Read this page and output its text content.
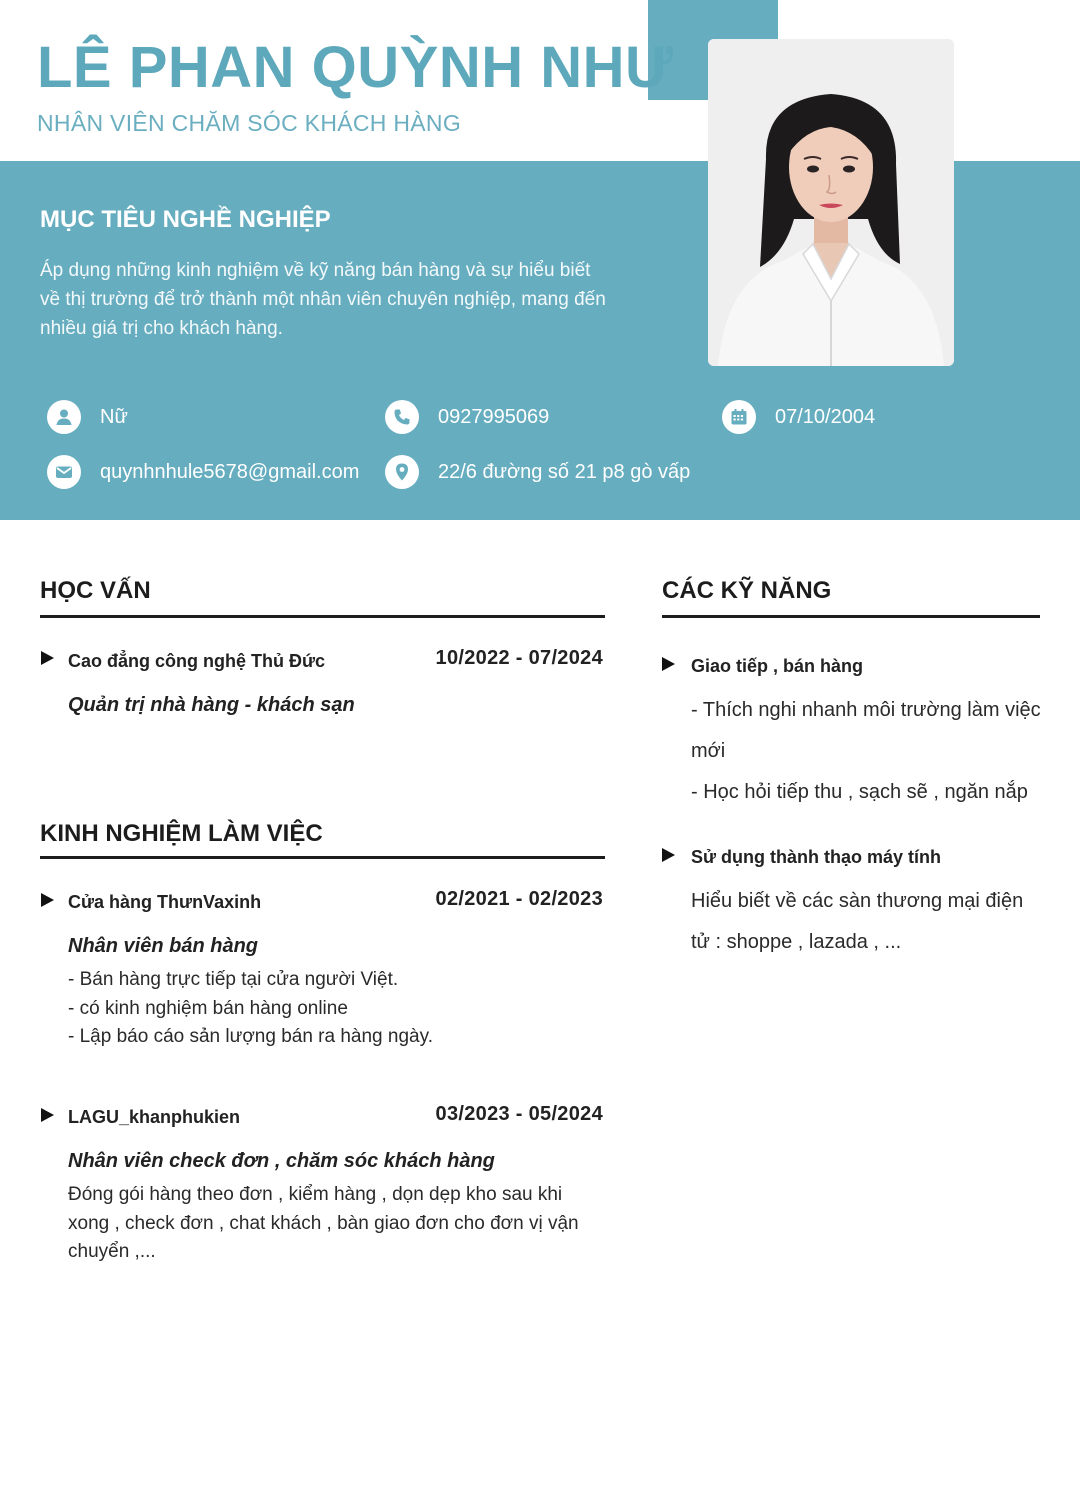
LÊ PHAN QUỲNH NHƯ
NHÂN VIÊN CHĂM SÓC KHÁCH HÀNG
MỤC TIÊU NGHỀ NGHIỆP
Áp dụng những kinh nghiệm về kỹ năng bán hàng và sự hiểu biết về thị trường để trở thành một nhân viên chuyên nghiệp, mang đến nhiều giá trị cho khách hàng.
Nữ	0927995069	07/10/2004
quynhnhule5678@gmail.com	22/6 đường số 21 p8 gò vấp
HỌC VẤN
Cao đẳng công nghệ Thủ Đức	10/2022 - 07/2024
Quản trị nhà hàng - khách sạn
KINH NGHIỆM LÀM VIỆC
Cửa hàng ThưnVaxinh	02/2021 - 02/2023
Nhân viên bán hàng
- Bán hàng trực tiếp tại cửa người Việt.
- có kinh nghiệm bán hàng online
- Lập báo cáo sản lượng bán ra hàng ngày.
LAGU_khanphukien	03/2023 - 05/2024
Nhân viên check đơn , chăm sóc khách hàng
Đóng gói hàng theo đơn , kiểm hàng , dọn dẹp kho sau khi xong , check đơn , chat khách , bàn giao đơn cho đơn vị vận chuyển ,...
CÁC KỸ NĂNG
Giao tiếp , bán hàng
- Thích nghi nhanh môi trường làm việc mới
- Học hỏi tiếp thu , sạch sẽ , ngăn nắp
Sử dụng thành thạo máy tính
Hiểu biết về các sàn thương mại điện tử : shoppe , lazada , ...
